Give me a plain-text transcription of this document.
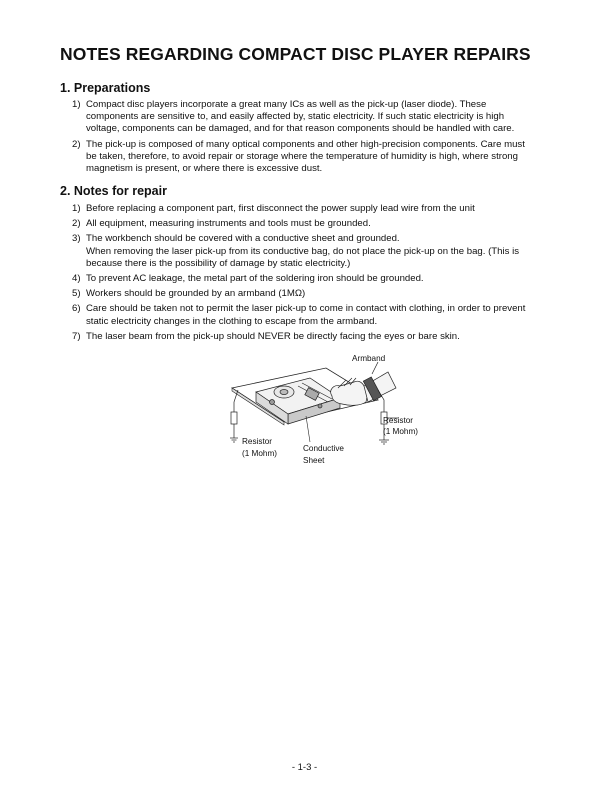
NOTES REGARDING COMPACT DISC PLAYER REPAIRS
1. Preparations
1) Compact disc players incorporate a great many ICs as well as the pick-up (laser diode). These
components are sensitive to, and easily affected by, static electricity. If such static electricity is high
voltage, components can be damaged, and for that reason components should be handled with care.
2) The pick-up is composed of many optical components and other high-precision components. Care must
be taken, therefore, to avoid repair or storage where the temperature of humidity is high, where strong
magnetism is present, or where there is excessive dust.
2. Notes for repair
1) Before replacing a component part, first disconnect the power supply lead wire from the unit
2) All equipment, measuring instruments and tools must be grounded.
3) The workbench should be covered with a conductive sheet and grounded.
When removing the laser pick-up from its conductive bag, do not place the pick-up on the bag. (This is
because there is the possibility of damage by static electricity.)
4) To prevent AC leakage, the metal part of the soldering iron should be grounded.
5) Workers should be grounded by an armband (1MΩ)
6) Care should be taken not to permit the laser pick-up to come in contact with clothing, in order to prevent
static electricity changes in the clothing to escape from the armband.
7) The laser beam from the pick-up should NEVER be directly facing the eyes or bare skin.
Armband
Resistor
(1 Mohm)
Resistor
(1 Mohm)
Conductive
Sheet
- 1-3 -
